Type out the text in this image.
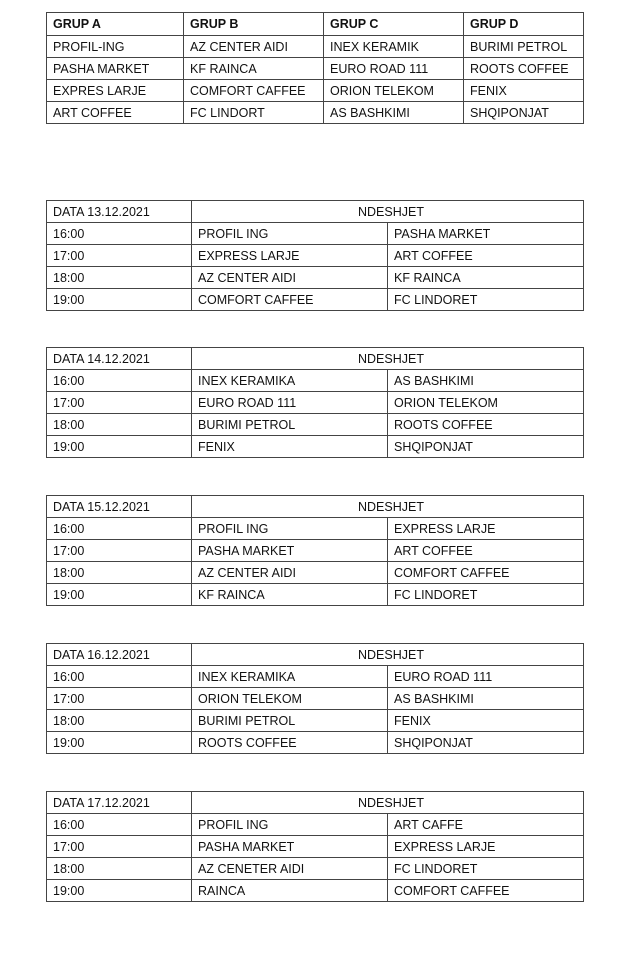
GRUP A	GRUP B	GRUP C	GRUP D
PROFIL-ING	AZ CENTER AIDI	INEX KERAMIK	BURIMI PETROL
PASHA MARKET	KF RAINCA	EURO ROAD 111	ROOTS COFFEE
EXPRES LARJE	COMFORT CAFFEE	ORION TELEKOM	FENIX
ART COFFEE	FC LINDORT	AS BASHKIMI	SHQIPONJAT
DATA 13.12.2021	NDESHJET	
16:00	PROFIL ING	PASHA MARKET
17:00	EXPRESS LARJE	ART COFFEE
18:00	AZ CENTER AIDI	KF RAINCA
19:00	COMFORT CAFFEE	FC LINDORET
DATA 14.12.2021	NDESHJET	
16:00	INEX KERAMIKA	AS BASHKIMI
17:00	EURO ROAD 111	ORION TELEKOM
18:00	BURIMI PETROL	ROOTS COFFEE
19:00	FENIX	SHQIPONJAT
DATA 15.12.2021	NDESHJET	
16:00	PROFIL ING	EXPRESS LARJE
17:00	PASHA MARKET	ART COFFEE
18:00	AZ CENTER AIDI	COMFORT CAFFEE
19:00	KF RAINCA	FC LINDORET
DATA 16.12.2021	NDESHJET	
16:00	INEX KERAMIKA	EURO ROAD 111
17:00	ORION TELEKOM	AS BASHKIMI
18:00	BURIMI PETROL	FENIX
19:00	ROOTS COFFEE	SHQIPONJAT
DATA 17.12.2021	NDESHJET	
16:00	PROFIL ING	ART CAFFE
17:00	PASHA MARKET	EXPRESS LARJE
18:00	AZ CENETER AIDI	FC LINDORET
19:00	RAINCA	COMFORT CAFFEE
